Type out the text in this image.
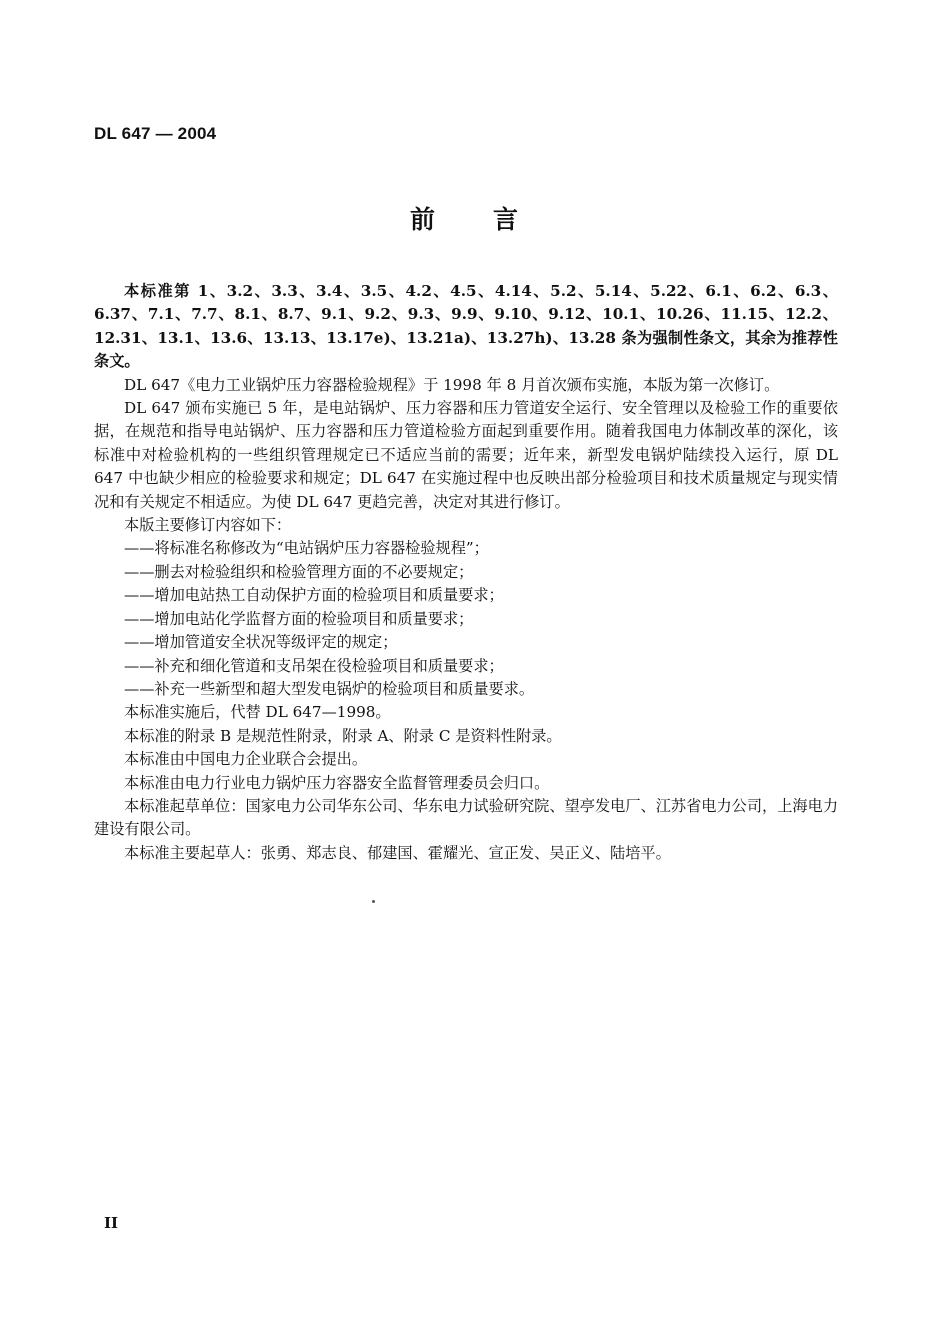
DL 647 — 2004
前言

本标准第 1、3.2、3.3、3.4、3.5、4.2、4.5、4.14、5.2、5.14、5.22、6.1、6.2、6.3、6.37、7.1、7.7、8.1、8.7、9.1、9.2、9.3、9.9、9.10、9.12、10.1、10.26、11.15、12.2、12.31、13.1、13.6、13.13、13.17e)、13.21a)、13.27h)、13.28 条为强制性条文，其余为推荐性条文。

DL 647《电力工业锅炉压力容器检验规程》于 1998 年 8 月首次颁布实施，本版为第一次修订。

DL 647 颁布实施已 5 年，是电站锅炉、压力容器和压力管道安全运行、安全管理以及检验工作的重要依据，在规范和指导电站锅炉、压力容器和压力管道检验方面起到重要作用。随着我国电力体制改革的深化，该标准中对检验机构的一些组织管理规定已不适应当前的需要；近年来，新型发电锅炉陆续投入运行，原 DL 647 中也缺少相应的检验要求和规定；DL 647 在实施过程中也反映出部分检验项目和技术质量规定与现实情况和有关规定不相适应。为使 DL 647 更趋完善，决定对其进行修订。

本版主要修订内容如下：

——将标准名称修改为“电站锅炉压力容器检验规程”；

——删去对检验组织和检验管理方面的不必要规定；

——增加电站热工自动保护方面的检验项目和质量要求；

——增加电站化学监督方面的检验项目和质量要求；

——增加管道安全状况等级评定的规定；

——补充和细化管道和支吊架在役检验项目和质量要求；

——补充一些新型和超大型发电锅炉的检验项目和质量要求。

本标准实施后，代替 DL 647—1998。

本标准的附录 B 是规范性附录，附录 A、附录 C 是资料性附录。

本标准由中国电力企业联合会提出。

本标准由电力行业电力锅炉压力容器安全监督管理委员会归口。

本标准起草单位：国家电力公司华东公司、华东电力试验研究院、望亭发电厂、江苏省电力公司，上海电力建设有限公司。

本标准主要起草人：张勇、郑志良、郁建国、霍耀光、宣正发、吴正义、陆培平。

II
